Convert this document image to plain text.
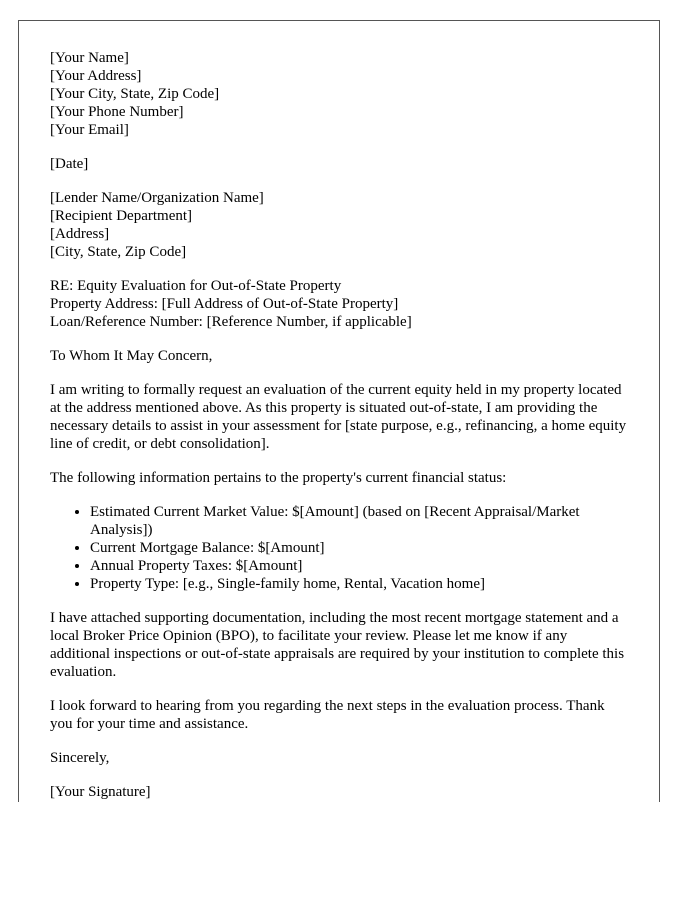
[Your Name]
[Your Address]
[Your City, State, Zip Code]
[Your Phone Number]
[Your Email]
[Date]
[Lender Name/Organization Name]
[Recipient Department]
[Address]
[City, State, Zip Code]
RE: Equity Evaluation for Out-of-State Property
Property Address: [Full Address of Out-of-State Property]
Loan/Reference Number: [Reference Number, if applicable]

To Whom It May Concern,

I am writing to formally request an evaluation of the current equity held in my property located at the address mentioned above. As this property is situated out-of-state, I am providing the necessary details to assist in your assessment for [state purpose, e.g., refinancing, a home equity line of credit, or debt consolidation].

The following information pertains to the property's current financial status:

• Estimated Current Market Value: $[Amount] (based on [Recent Appraisal/Market Analysis])
• Current Mortgage Balance: $[Amount]
• Annual Property Taxes: $[Amount]
• Property Type: [e.g., Single-family home, Rental, Vacation home]

I have attached supporting documentation, including the most recent mortgage statement and a local Broker Price Opinion (BPO), to facilitate your review. Please let me know if any additional inspections or out-of-state appraisals are required by your institution to complete this evaluation.

I look forward to hearing from you regarding the next steps in the evaluation process. Thank you for your time and assistance.

Sincerely,

[Your Signature]
